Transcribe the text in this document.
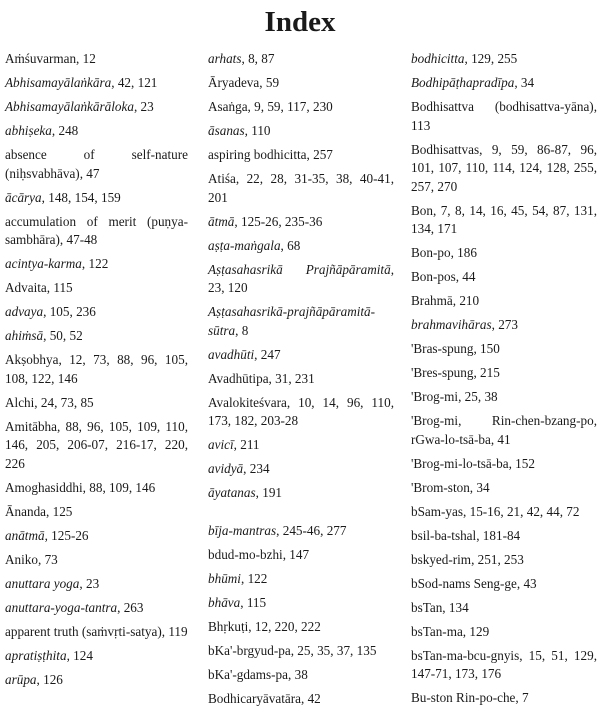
Index
Aṁśuvarman, 12
Abhisamayālaṅkāra, 42, 121
Abhisamayālaṅkārāloka, 23
abhiṣeka, 248
absence of self-nature (niḥsvabhāva), 47
ācārya, 148, 154, 159
accumulation of merit (puṇya-sambhāra), 47-48
acintya-karma, 122
Advaita, 115
advaya, 105, 236
ahiṁsā, 50, 52
Akṣobhya, 12, 73, 88, 96, 105, 108, 122, 146
Alchi, 24, 73, 85
Amitābha, 88, 96, 105, 109, 110, 146, 205, 206-07, 216-17, 220, 226
Amoghasiddhi, 88, 109, 146
Ānanda, 125
anātmā, 125-26
Aniko, 73
anuttara yoga, 23
anuttara-yoga-tantra, 263
apparent truth (saṁvṛti-satya), 119
apratiṣṭhita, 124
arūpa, 126
arhats, 8, 87
Āryadeva, 59
Asaṅga, 9, 59, 117, 230
āsanas, 110
aspiring bodhicitta, 257
Atiśa, 22, 28, 31-35, 38, 40-41, 201
ātmā, 125-26, 235-36
aṣṭa-maṅgala, 68
Aṣṭasahasrikā Prajñāpāramitā, 23, 120
Aṣṭasahasrikā-prajñāpāramitā-sūtra, 8
avadhūti, 247
Avadhūtipa, 31, 231
Avalokiteśvara, 10, 14, 96, 110, 173, 182, 203-28
avicī, 211
avidyā, 234
āyatanas, 191
bīja-mantras, 245-46, 277
bdud-mo-bzhi, 147
bhūmi, 122
bhāva, 115
Bhṛkuṭi, 12, 220, 222
bKa'-brgyud-pa, 25, 35, 37, 135
bKa'-gdams-pa, 38
Bodhicaryāvatāra, 42
bodhicitta, 129, 255
Bodhipāṭhapradīpa, 34
Bodhisattva (bodhisattva-yāna), 113
Bodhisattvas, 9, 59, 86-87, 96, 101, 107, 110, 114, 124, 128, 255, 257, 270
Bon, 7, 8, 14, 16, 45, 54, 87, 131, 134, 171
Bon-po, 186
Bon-pos, 44
Brahmā, 210
brahmavihāras, 273
'Bras-spung, 150
'Bres-spung, 215
'Brog-mi, 25, 38
'Brog-mi, Rin-chen-bzang-po, rGwa-lo-tsā-ba, 41
'Brog-mi-lo-tsā-ba, 152
'Brom-ston, 34
bSam-yas, 15-16, 21, 42, 44, 72
bsil-ba-tshal, 181-84
bskyed-rim, 251, 253
bSod-nams Seng-ge, 43
bsTan, 134
bsTan-ma, 129
bsTan-ma-bcu-gnyis, 15, 51, 129, 147-71, 173, 176
Bu-ston Rin-po-che, 7
